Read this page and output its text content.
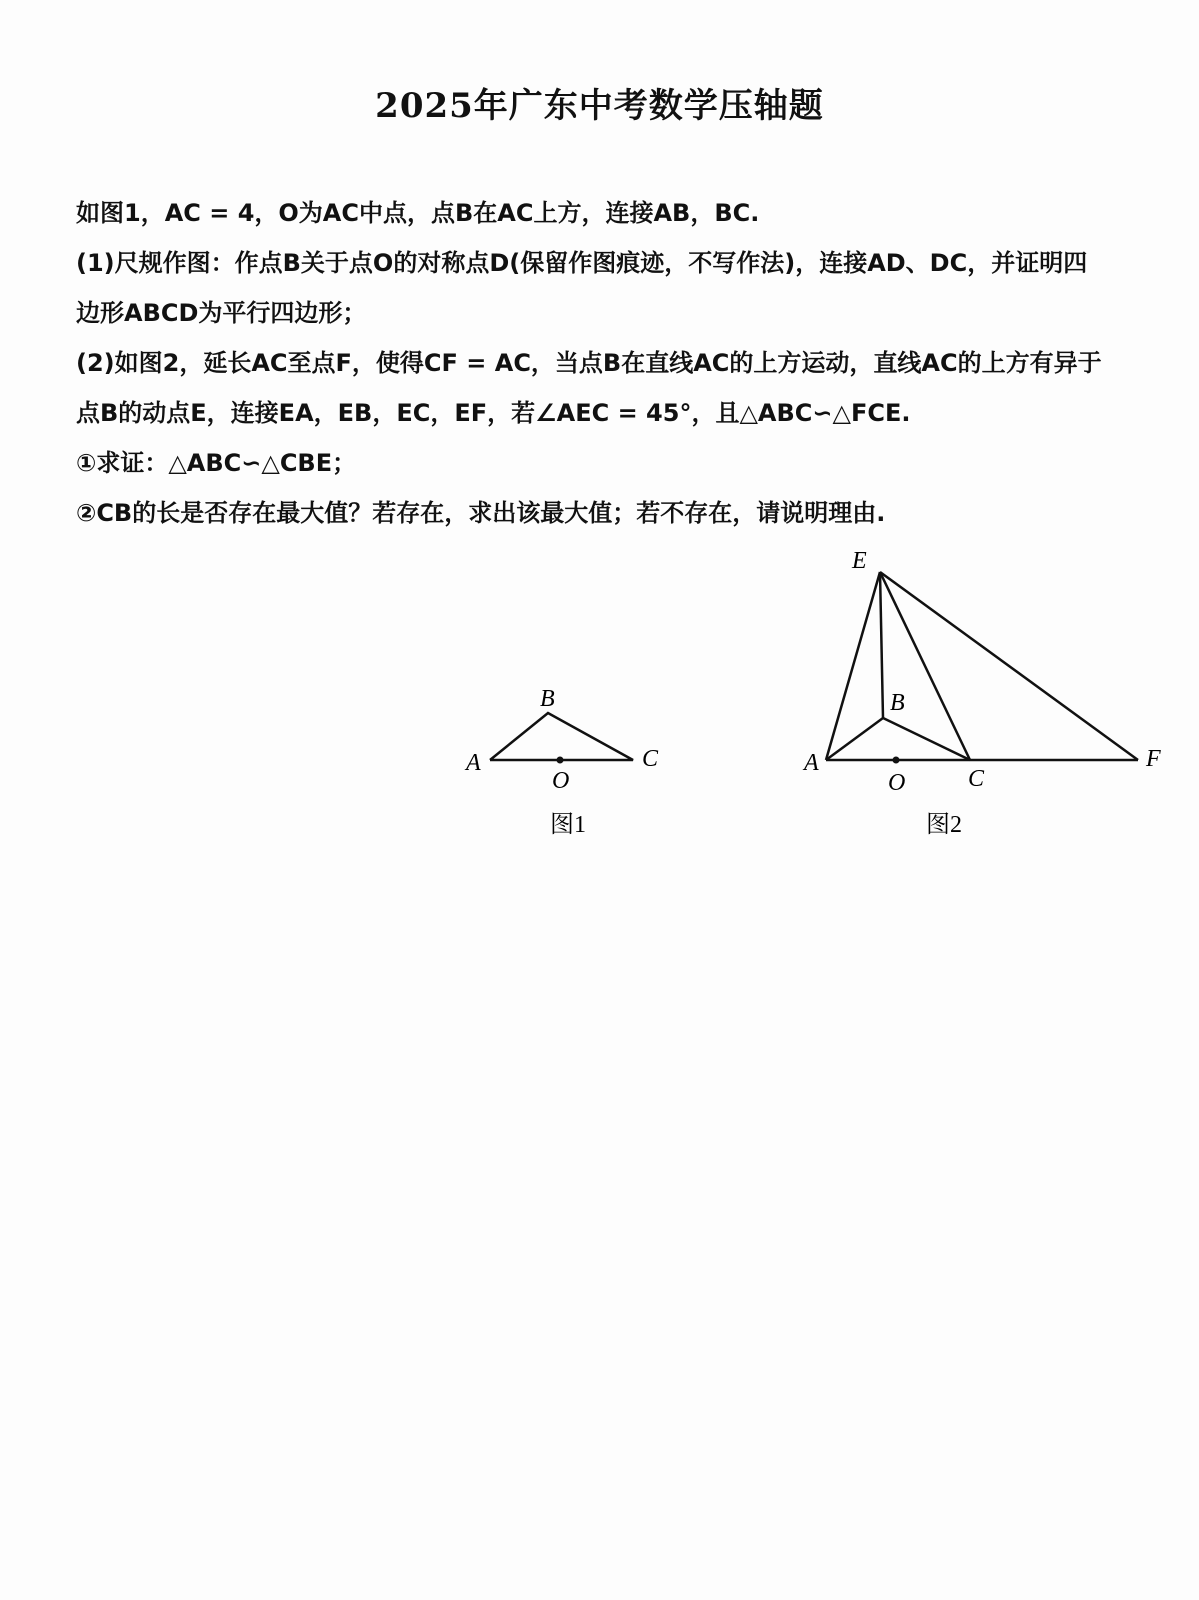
2025年广东中考数学压轴题

如图1，AC = 4，O为AC中点，点B在AC上方，连接AB，BC.

(1)尺规作图：作点B关于点O的对称点D(保留作图痕迹，不写作法)，连接AD、DC，并证明四

边形ABCD为平行四边形；

(2)如图2，延长AC至点F，使得CF = AC，当点B在直线AC的上方运动，直线AC的上方有异于

点B的动点E，连接EA，EB，EC，EF，若∠AEC = 45°，且△ABC∽△FCE.

①求证：△ABC∽△CBE；

②CB的长是否存在最大值？若存在，求出该最大值；若不存在，请说明理由.

A
B
C
O
图1
E
B
A
O	C
F
图2
